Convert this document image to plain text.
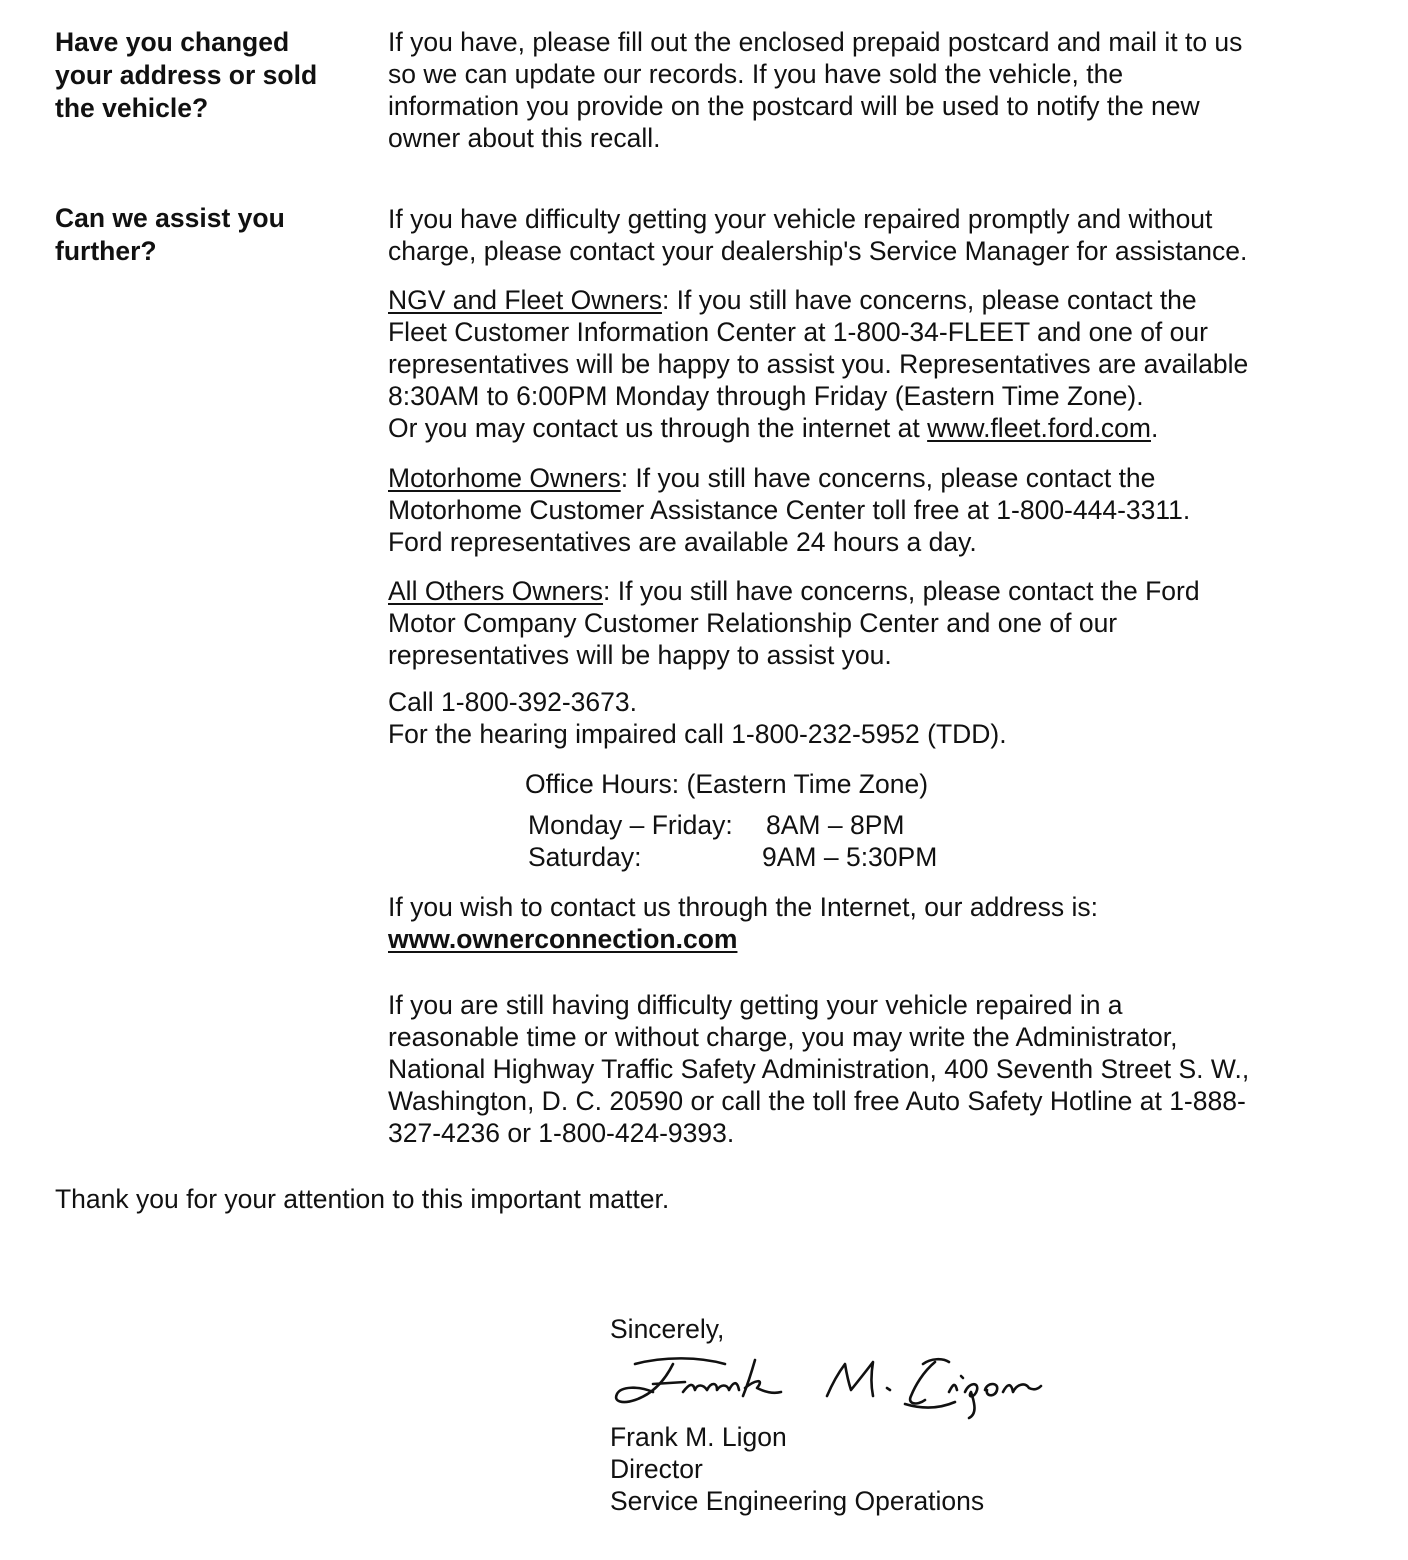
Have you changed
your address or sold
the vehicle?
If you have, please fill out the enclosed prepaid postcard and mail it to us
so we can update our records. If you have sold the vehicle, the
information you provide on the postcard will be used to notify the new
owner about this recall.
Can we assist you
further?
If you have difficulty getting your vehicle repaired promptly and without
charge, please contact your dealership's Service Manager for assistance.
NGV and Fleet Owners: If you still have concerns, please contact the
Fleet Customer Information Center at 1-800-34-FLEET and one of our
representatives will be happy to assist you. Representatives are available
8:30AM to 6:00PM Monday through Friday (Eastern Time Zone).
Or you may contact us through the internet at www.fleet.ford.com.
Motorhome Owners: If you still have concerns, please contact the
Motorhome Customer Assistance Center toll free at 1-800-444-3311.
Ford representatives are available 24 hours a day.
All Others Owners: If you still have concerns, please contact the Ford
Motor Company Customer Relationship Center and one of our
representatives will be happy to assist you.
Call 1-800-392-3673.
For the hearing impaired call 1-800-232-5952 (TDD).
Office Hours: (Eastern Time Zone)
Monday – Friday:	8AM – 8PM
Saturday:	9AM – 5:30PM
If you wish to contact us through the Internet, our address is:
www.ownerconnection.com
If you are still having difficulty getting your vehicle repaired in a
reasonable time or without charge, you may write the Administrator,
National Highway Traffic Safety Administration, 400 Seventh Street S. W.,
Washington, D. C. 20590 or call the toll free Auto Safety Hotline at 1-888-
327-4236 or 1-800-424-9393.
Thank you for your attention to this important matter.
Sincerely,
Frank M. Ligon
Director
Service Engineering Operations
